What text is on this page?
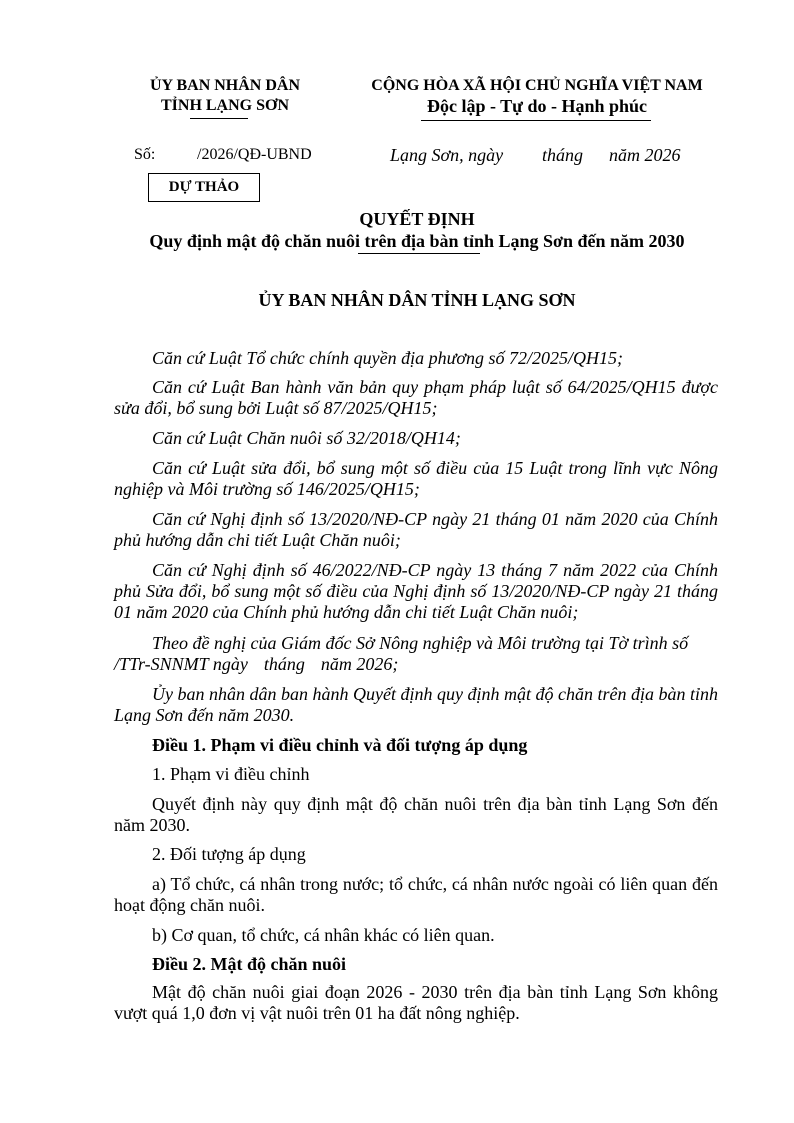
ỦY BAN NHÂN DÂN
TỈNH LẠNG SƠN
CỘNG HÒA XÃ HỘI CHỦ NGHĨA VIỆT NAM
Độc lập - Tự do - Hạnh phúc
Số:	/2026/QĐ-UBND	Lạng Sơn, ngày tháng năm 2026
DỰ THẢO
QUYẾT ĐỊNH
Quy định mật độ chăn nuôi trên địa bàn tỉnh Lạng Sơn đến năm 2030
ỦY BAN NHÂN DÂN TỈNH LẠNG SƠN
Căn cứ Luật Tổ chức chính quyền địa phương số 72/2025/QH15;
Căn cứ Luật Ban hành văn bản quy phạm pháp luật số 64/2025/QH15 được sửa đổi, bổ sung bởi Luật số 87/2025/QH15;
Căn cứ Luật Chăn nuôi số 32/2018/QH14;
Căn cứ Luật sửa đổi, bổ sung một số điều của 15 Luật trong lĩnh vực Nông nghiệp và Môi trường số 146/2025/QH15;
Căn cứ Nghị định số 13/2020/NĐ-CP ngày 21 tháng 01 năm 2020 của Chính phủ hướng dẫn chi tiết Luật Chăn nuôi;
Căn cứ Nghị định số 46/2022/NĐ-CP ngày 13 tháng 7 năm 2022 của Chính phủ Sửa đổi, bổ sung một số điều của Nghị định số 13/2020/NĐ-CP ngày 21 tháng 01 năm 2020 của Chính phủ hướng dẫn chi tiết Luật Chăn nuôi;
Theo đề nghị của Giám đốc Sở Nông nghiệp và Môi trường tại Tờ trình số
/TTr-SNNMT ngày tháng năm 2026;
Ủy ban nhân dân ban hành Quyết định quy định mật độ chăn trên địa bàn tỉnh Lạng Sơn đến năm 2030.
Điều 1. Phạm vi điều chỉnh và đối tượng áp dụng
1. Phạm vi điều chỉnh
Quyết định này quy định mật độ chăn nuôi trên địa bàn tỉnh Lạng Sơn đến năm 2030.
2. Đối tượng áp dụng
a) Tổ chức, cá nhân trong nước; tổ chức, cá nhân nước ngoài có liên quan đến hoạt động chăn nuôi.
b) Cơ quan, tổ chức, cá nhân khác có liên quan.
Điều 2. Mật độ chăn nuôi
Mật độ chăn nuôi giai đoạn 2026 - 2030 trên địa bàn tỉnh Lạng Sơn không vượt quá 1,0 đơn vị vật nuôi trên 01 ha đất nông nghiệp.
